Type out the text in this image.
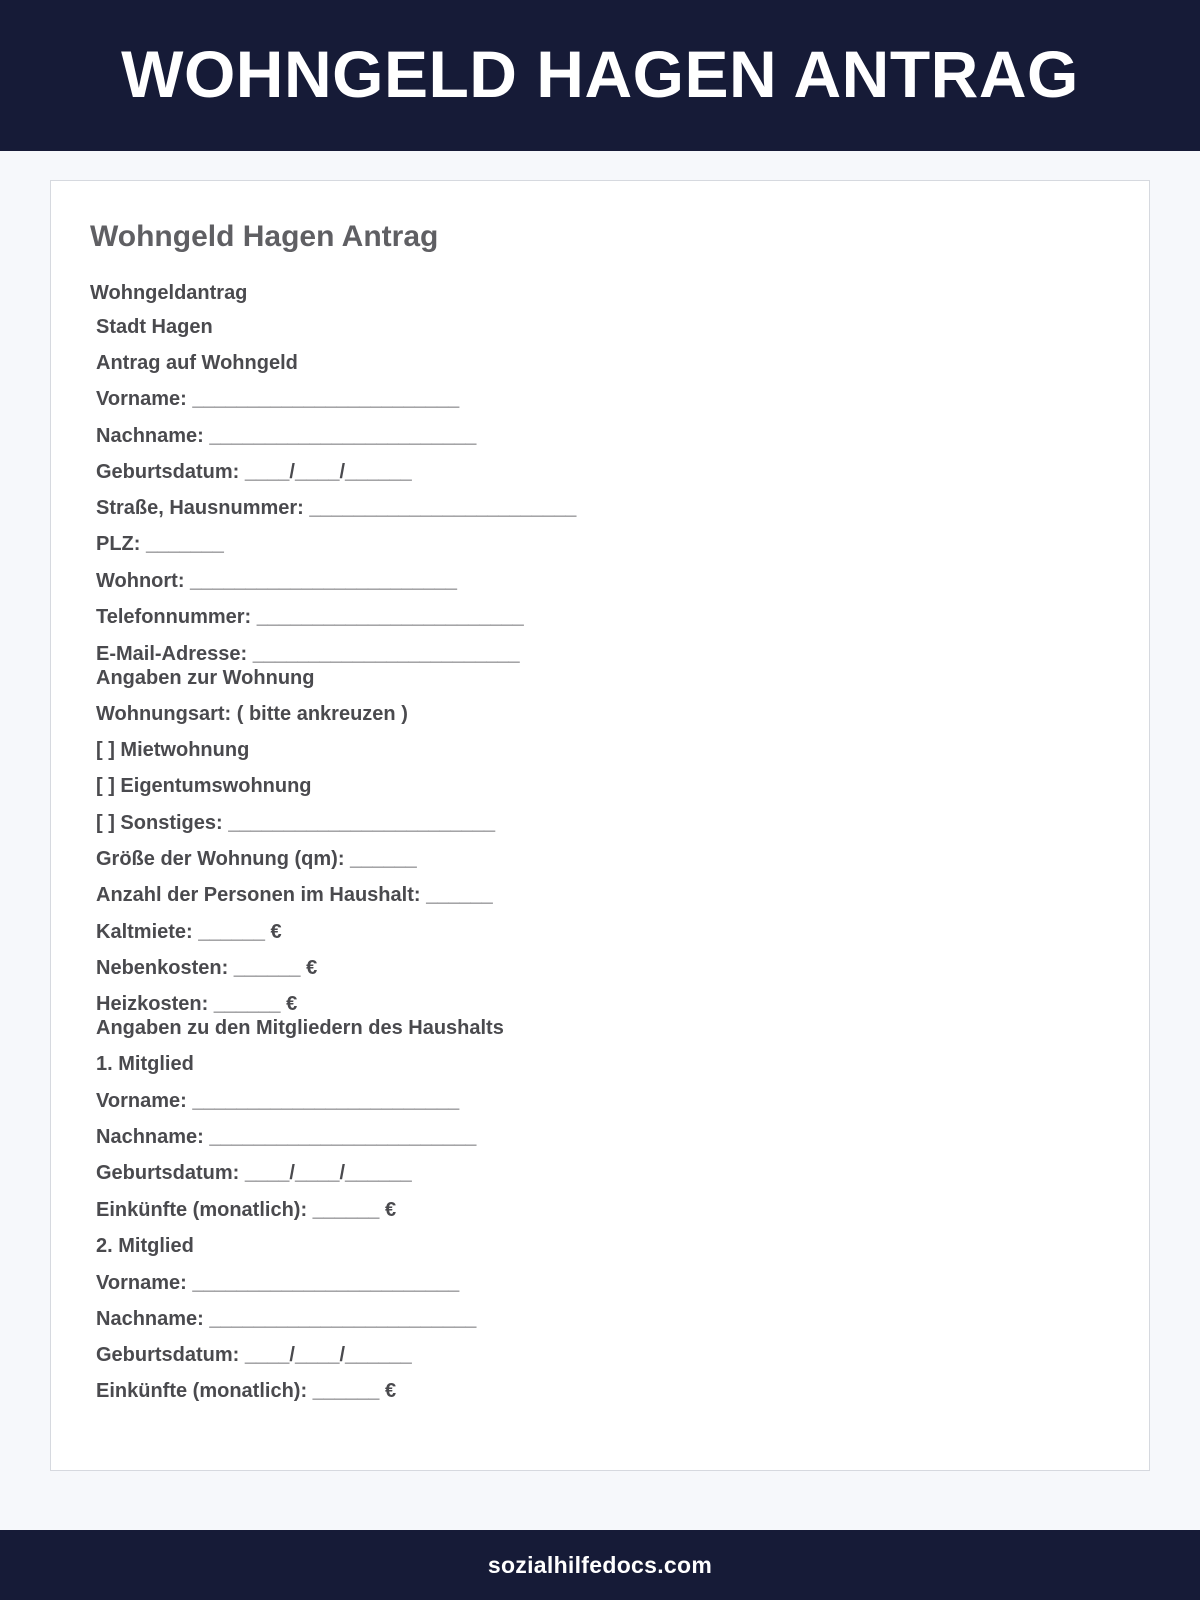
WOHNGELD HAGEN ANTRAG
Wohngeld Hagen Antrag
Wohngeldantrag
Stadt Hagen
Antrag auf Wohngeld
Vorname: ________________________
Nachname: ________________________
Geburtsdatum: ____/____/______
Straße, Hausnummer: ________________________
PLZ: _______
Wohnort: ________________________
Telefonnummer: ________________________
E-Mail-Adresse: ________________________
Angaben zur Wohnung
Wohnungsart: ( bitte ankreuzen )
[ ] Mietwohnung
[ ] Eigentumswohnung
[ ] Sonstiges: ________________________
Größe der Wohnung (qm): ______
Anzahl der Personen im Haushalt: ______
Kaltmiete: ______ €
Nebenkosten: ______ €
Heizkosten: ______ €
Angaben zu den Mitgliedern des Haushalts
1. Mitglied
Vorname: ________________________
Nachname: ________________________
Geburtsdatum: ____/____/______
Einkünfte (monatlich): ______ €
2. Mitglied
Vorname: ________________________
Nachname: ________________________
Geburtsdatum: ____/____/______
Einkünfte (monatlich): ______ €
sozialhilfedocs.com
